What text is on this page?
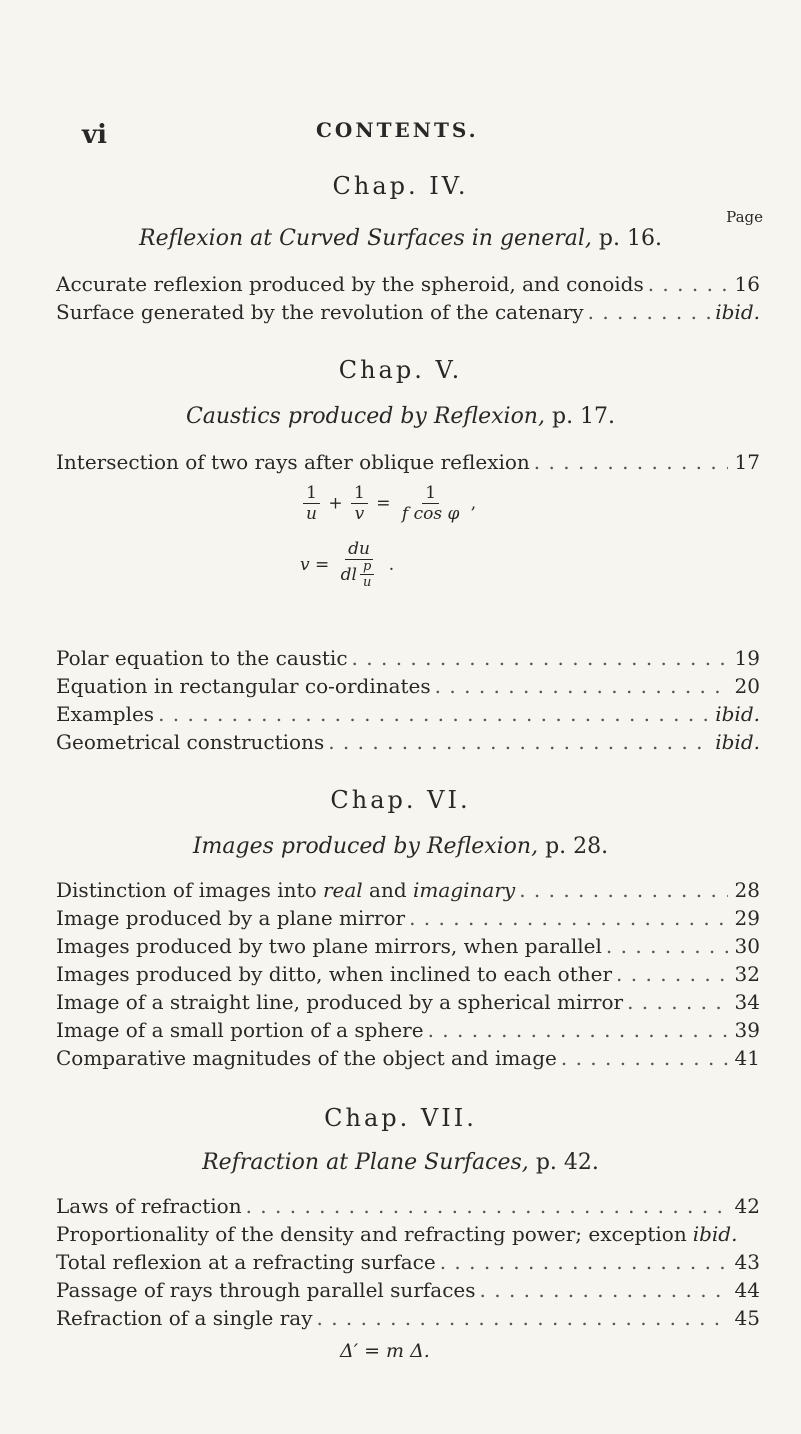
vi	CONTENTS.
Chap. IV.
Page
Reflexion at Curved Surfaces in general, p. 16.
Accurate reflexion produced by the spheroid, and conoids . . .	16
Surface generated by the revolution of the catenary . . .	ibid.
Chap. V.
Caustics produced by Reflexion, p. 17.
Intersection of two rays after oblique reflexion . . .	17
$\frac{1}{u} + \frac{1}{v} = \frac{1}{\text{f cos φ}}$ ,
$v = \frac{du}{dl \frac{p}{u}}$ .
Polar equation to the caustic . . .	19
Equation in rectangular co-ordinates . . .	20
Examples . . .	ibid.
Geometrical constructions . . .	ibid.
Chap. VI.
Images produced by Reflexion, p. 28.
Distinction of images into real and imaginary . . .	28
Image produced by a plane mirror . . .	29
Images produced by two plane mirrors, when parallel . . .	30
Images produced by ditto, when inclined to each other . . .	32
Image of a straight line, produced by a spherical mirror . . .	34
Image of a small portion of a sphere . . .	39
Comparative magnitudes of the object and image . . .	41
Chap. VII.
Refraction at Plane Surfaces, p. 42.
Laws of refraction . . .	42
Proportionality of the density and refracting power; exception ibid.
Total reflexion at a refracting surface . . .	43
Passage of rays through parallel surfaces . . .	44
Refraction of a single ray . . .	45
Δ′ = m Δ.
